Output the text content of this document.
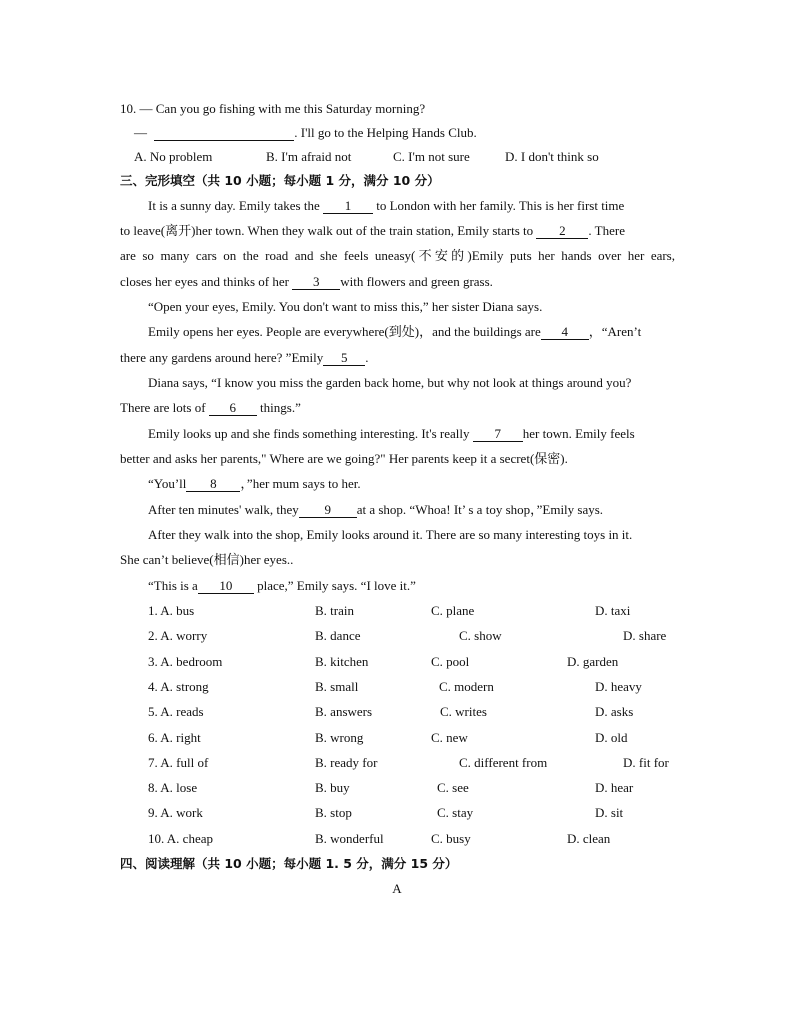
10. — Can you go fishing with me this Saturday morning?
—	. I'll go to the Helping Hands Club.
A. No problem	B. I'm afraid not	C. I'm not sure	D. I don't think so
三、完形填空（共 10 小题；每小题 1 分，满分 10 分）
It is a sunny day. Emily takes the 1 to London with her family. This is her first time
to leave(离开)her town. When they walk out of the train station, Emily starts to 2 . There
are so many cars on the road and she feels uneasy(不安的)Emily puts her hands over her ears,
closes her eyes and thinks of her 3 with flowers and green grass.
“Open your eyes, Emily. You don't want to miss this,” her sister Diana says.
Emily opens her eyes. People are everywhere(到处)，and the buildings are 4 ，“Aren’t
there any gardens around here? ”Emily 5 .
Diana says, “I know you miss the garden back home, but why not look at things around you?
There are lots of 6 things.”
Emily looks up and she finds something interesting. It's really 7 her town. Emily feels
better and asks her parents," Where are we going?" Her parents keep it a secret(保密).
“You’ll 8 ，”her mum says to her.
After ten minutes' walk, they 9 at a shop. “Whoa! It’ s a toy shop，”Emily says.
After they walk into the shop, Emily looks around it. There are so many interesting toys in it.
She can’t believe(相信)her eyes..
“This is a 10 place,” Emily says. “I love it.”
1. A. bus	B. train	C. plane	D. taxi
2. A. worry	B. dance	C. show	D. share
3. A. bedroom	B. kitchen	C. pool	D. garden
4. A. strong	B. small	C. modern	D. heavy
5. A. reads	B. answers	C. writes	D. asks
6. A. right	B. wrong	C. new	D. old
7. A. full of	B. ready for	C. different from	D. fit for
8. A. lose	B. buy	C. see	D. hear
9. A. work	B. stop	C. stay	D. sit
10. A. cheap	B. wonderful	C. busy	D. clean
四、阅读理解（共 10 小题；每小题 1. 5 分，满分 15 分）
A
